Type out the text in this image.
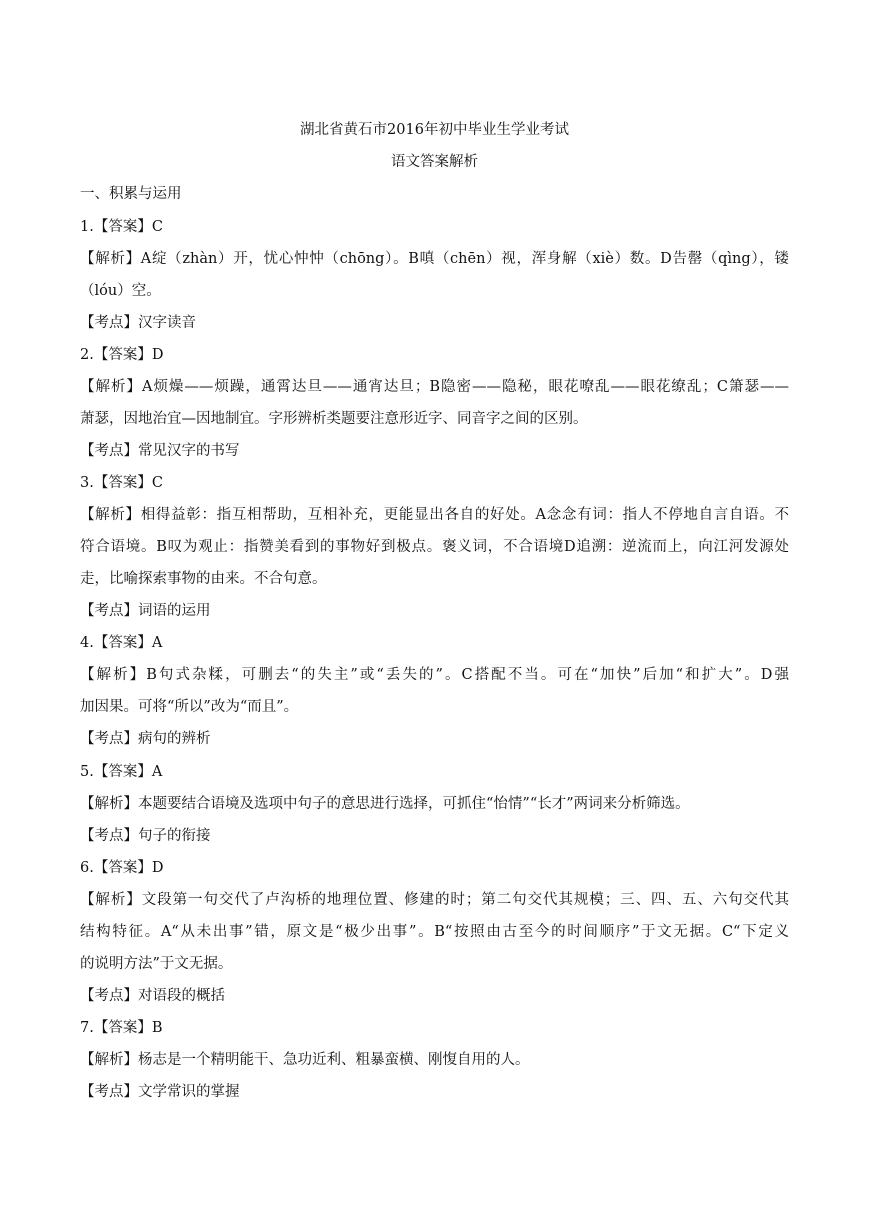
湖北省黄石市2016年初中毕业生学业考试
语文答案解析
一、积累与运用
1.【答案】C
【解析】A绽（zhàn）开，忧心忡忡（chōng）。B嗔（chēn）视，浑身解（xiè）数。D告罄（qìng），镂
（lóu）空。
【考点】汉字读音
2.【答案】D
【解析】A烦燥——烦躁，通霄达旦——通宵达旦；B隐密——隐秘，眼花嘹乱——眼花缭乱；C箫瑟——
萧瑟，因地治宜—因地制宜。字形辨析类题要注意形近字、同音字之间的区别。
【考点】常见汉字的书写
3.【答案】C
【解析】相得益彰：指互相帮助，互相补充，更能显出各自的好处。A念念有词：指人不停地自言自语。不
符合语境。B叹为观止：指赞美看到的事物好到极点。褒义词，不合语境D追溯：逆流而上，向江河发源处
走，比喻探索事物的由来。不合句意。
【考点】词语的运用
4.【答案】A
【解析】B句式杂糅，可删去“的失主”或“丢失的”。C搭配不当。可在“加快”后加“和扩大”。D强
加因果。可将“所以”改为“而且”。
【考点】病句的辨析
5.【答案】A
【解析】本题要结合语境及选项中句子的意思进行选择，可抓住“怡情”“长才”两词来分析筛选。
【考点】句子的衔接
6.【答案】D
【解析】文段第一句交代了卢沟桥的地理位置、修建的时；第二句交代其规模；三、四、五、六句交代其
结构特征。A“从未出事”错，原文是“极少出事”。B“按照由古至今的时间顺序”于文无据。C“下定义
的说明方法”于文无据。
【考点】对语段的概括
7.【答案】B
【解析】杨志是一个精明能干、急功近利、粗暴蛮横、刚愎自用的人。
【考点】文学常识的掌握
